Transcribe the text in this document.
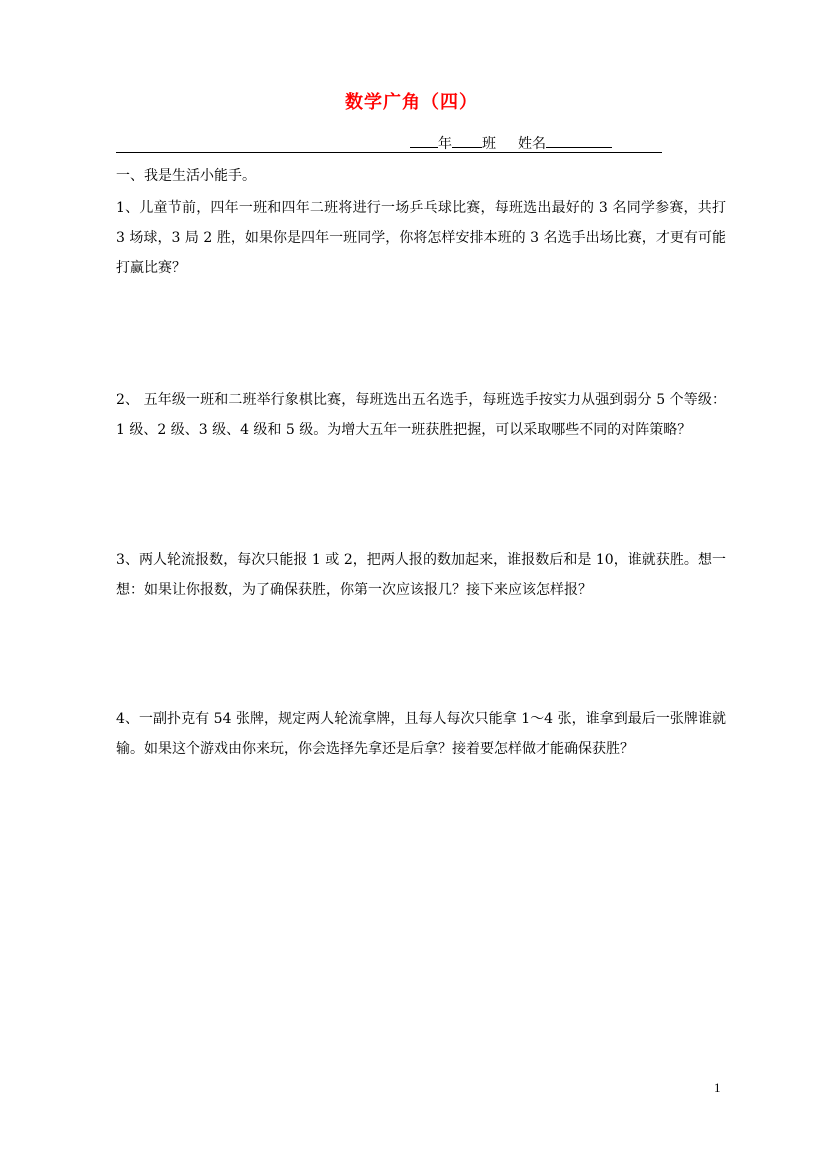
数学广角（四）
年 班 姓名
一、我是生活小能手。
1、儿童节前，四年一班和四年二班将进行一场乒乓球比赛，每班选出最好的 3 名同学参赛，共打 3 场球，3 局 2 胜，如果你是四年一班同学，你将怎样安排本班的 3 名选手出场比赛，才更有可能打赢比赛？
2、 五年级一班和二班举行象棋比赛，每班选出五名选手，每班选手按实力从强到弱分 5 个等级：1 级、2 级、3 级、4 级和 5 级。为增大五年一班获胜把握，可以采取哪些不同的对阵策略？
3、两人轮流报数，每次只能报 1 或 2，把两人报的数加起来，谁报数后和是 10，谁就获胜。想一想：如果让你报数，为了确保获胜，你第一次应该报几？接下来应该怎样报？
4、一副扑克有 54 张牌，规定两人轮流拿牌，且每人每次只能拿 1～4 张，谁拿到最后一张牌谁就输。如果这个游戏由你来玩，你会选择先拿还是后拿？接着要怎样做才能确保获胜？
1
